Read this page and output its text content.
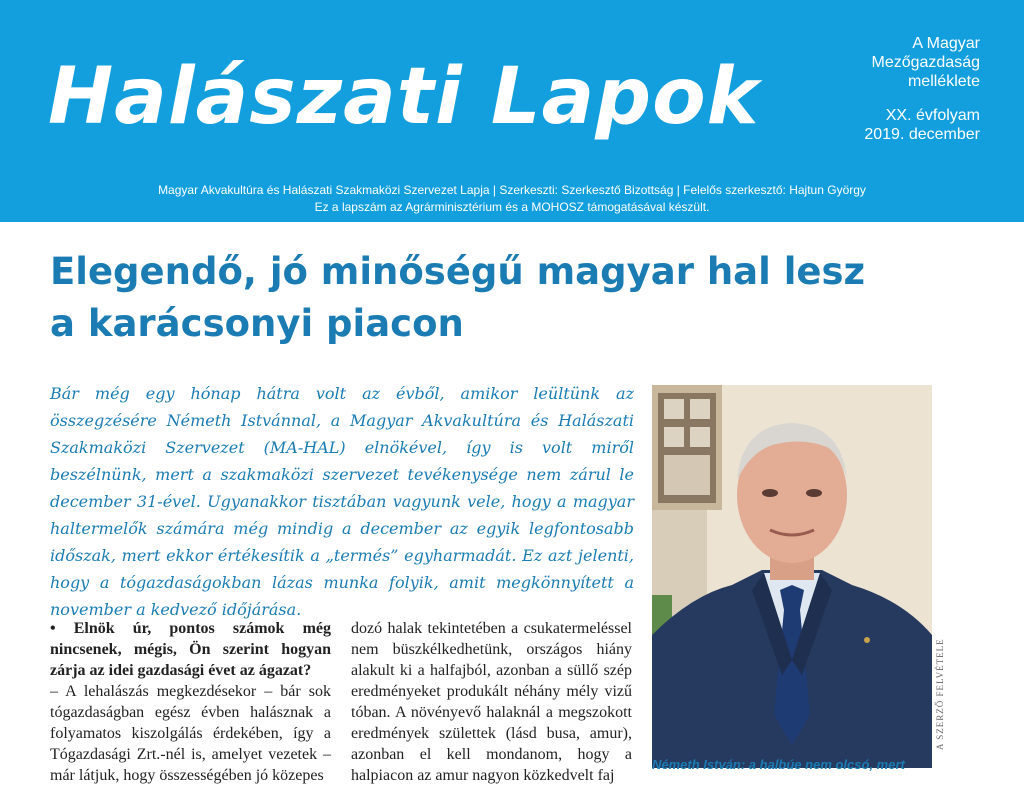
Halászati Lapok
A Magyar
Mezőgazdaság
melléklete
XX. évfolyam
2019. december
Magyar Akvakultúra és Halászati Szakmaközi Szervezet Lapja | Szerkeszti: Szerkesztő Bizottság | Felelős szerkesztő: Hajtun György
Ez a lapszám az Agrárminisztérium és a MOHOSZ támogatásával készült.
Elegendő, jó minőségű magyar hal lesz
a karácsonyi piacon

Bár még egy hónap hátra volt az évből, amikor leültünk az összegzésére Németh Istvánnal, a Magyar Akvakultúra és Halászati Szakmaközi Szervezet (MA-HAL) elnökével, így is volt miről beszélnünk, mert a szakmaközi szervezet tevékenysége nem zárul le december 31-ével. Ugyanakkor tisztában vagyunk vele, hogy a magyar haltermelők számára még mindig a december az egyik legfontosabb időszak, mert ekkor értékesítik a „termés” egyharmadát. Ez azt jelenti, hogy a tógazdaságokban lázas munka folyik, amit megkönnyített a november a kedvező időjárása.

• Elnök úr, pontos számok még nincsenek, mégis, Ön szerint hogyan zárja az idei gazdasági évet az ágazat?
– A lehalászás megkezdésekor – bár sok tógazdaságban egész évben halásznak a folyamatos kiszolgálás érdekében, így a Tógazdasági Zrt.-nél is, amelyet vezetek – már látjuk, hogy összességében jó közepes
dozó halak tekintetében a csukatermeléssel nem büszkélkedhetünk, országos hiány alakult ki a halfajból, azonban a süllő szép eredményeket produkált néhány mély vizű tóban. A növényevő halaknál a megszokott eredmények születtek (lásd busa, amur), azonban el kell mondanom, hogy a halpiacon az amur nagyon közkedvelt faj
A SZERZŐ FELVÉTELE
Németh István: a halbúe nem olcsó, mert
